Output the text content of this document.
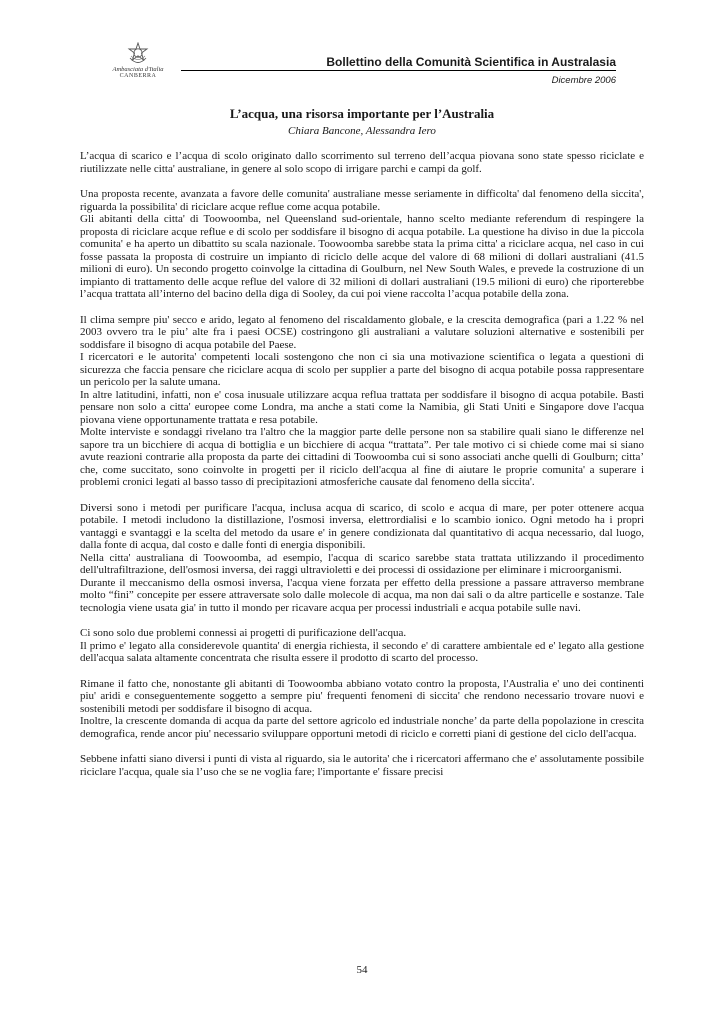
Ambasciata d'Italia
CANBERRA
Bollettino della Comunità Scientifica in Australasia
Dicembre 2006
L’acqua, una risorsa importante per l’Australia
Chiara Bancone, Alessandra Iero

L’acqua di scarico e l’acqua di scolo originato dallo scorrimento sul terreno dell’acqua piovana sono state spesso riciclate e riutilizzate nelle citta' australiane, in genere al solo scopo di irrigare parchi e campi da golf.

Una proposta recente, avanzata a favore delle comunita' australiane messe seriamente in difficolta' dal fenomeno della siccita', riguarda la possibilita' di riciclare acque reflue come acqua potabile.

Gli abitanti della citta' di Toowoomba, nel Queensland sud-orientale, hanno scelto mediante referendum di respingere la proposta di riciclare acque reflue e di scolo per soddisfare il bisogno di acqua potabile. La questione ha diviso in due la piccola comunita' e ha aperto un dibattito su scala nazionale. Toowoomba sarebbe stata la prima citta' a riciclare acqua, nel caso in cui fosse passata la proposta di costruire un impianto di riciclo delle acque del valore di 68 milioni di dollari australiani (41.5 milioni di euro). Un secondo progetto coinvolge la cittadina di Goulburn, nel New South Wales, e prevede la costruzione di un impianto di trattamento delle acque reflue del valore di 32 milioni di dollari australiani (19.5 milioni di euro) che riporterebbe l’acqua trattata all’interno del bacino della diga di Sooley, da cui poi viene raccolta l’acqua potabile della zona.

Il clima sempre piu' secco e arido, legato al fenomeno del riscaldamento globale, e la crescita demografica (pari a 1.22 % nel 2003 ovvero tra le piu’ alte fra i paesi OCSE) costringono gli australiani a valutare soluzioni alternative e sostenibili per soddisfare il bisogno di acqua potabile del Paese.

I ricercatori e le autorita' competenti locali sostengono che non ci sia una motivazione scientifica o legata a questioni di sicurezza che faccia pensare che riciclare acqua di scolo per supplier a parte del bisogno di acqua potabile possa rappresentare un pericolo per la salute umana.

In altre latitudini, infatti, non e' cosa inusuale utilizzare acqua reflua trattata per soddisfare il bisogno di acqua potabile. Basti pensare non solo a citta' europee come Londra, ma anche a stati come la Namibia, gli Stati Uniti e Singapore dove l'acqua piovana viene opportunamente trattata e resa potabile.

Molte interviste e sondaggi rivelano tra l'altro che la maggior parte delle persone non sa stabilire quali siano le differenze nel sapore tra un bicchiere di acqua di bottiglia e un bicchiere di acqua “trattata”. Per tale motivo ci si chiede come mai si siano avute reazioni contrarie alla proposta da parte dei cittadini di Toowoomba cui si sono associati anche quelli di Goulburn; citta’ che, come succitato, sono coinvolte in progetti per il riciclo dell'acqua al fine di aiutare le proprie comunita' a superare i problemi cronici legati al basso tasso di precipitazioni atmosferiche causate dal fenomeno della siccita'.

Diversi sono i metodi per purificare l'acqua, inclusa acqua di scarico, di scolo e acqua di mare, per poter ottenere acqua potabile. I metodi includono la distillazione, l'osmosi inversa, elettrordialisi e lo scambio ionico. Ogni metodo ha i propri vantaggi e svantaggi e la scelta del metodo da usare e' in genere condizionata dal quantitativo di acqua necessario, dal luogo, dalla fonte di acqua, dal costo e dalle fonti di energia disponibili.

Nella citta' australiana di Toowoomba, ad esempio, l'acqua di scarico sarebbe stata trattata utilizzando il procedimento dell'ultrafiltrazione, dell'osmosi inversa, dei raggi ultravioletti e dei processi di ossidazione per eliminare i microorganismi.

Durante il meccanismo della osmosi inversa, l'acqua viene forzata per effetto della pressione a passare attraverso membrane molto “fini” concepite per essere attraversate solo dalle molecole di acqua, ma non dai sali o da altre particelle e sostanze. Tale tecnologia viene usata gia' in tutto il mondo per ricavare acqua per processi industriali e acqua potabile sulle navi.

Ci sono solo due problemi connessi ai progetti di purificazione dell'acqua.

Il primo e' legato alla considerevole quantita' di energia richiesta, il secondo e' di carattere ambientale ed e' legato alla gestione dell'acqua salata altamente concentrata che risulta essere il prodotto di scarto del processo.

Rimane il fatto che, nonostante gli abitanti di Toowoomba abbiano votato contro la proposta, l'Australia e' uno dei continenti piu' aridi e conseguentemente soggetto a sempre piu' frequenti fenomeni di siccita' che rendono necessario trovare nuovi e sostenibili metodi per soddisfare il bisogno di acqua.

Inoltre, la crescente domanda di acqua da parte del settore agricolo ed industriale nonche’ da parte della popolazione in crescita demografica, rende ancor piu' necessario sviluppare opportuni metodi di riciclo e corretti piani di gestione del ciclo dell'acqua.

Sebbene infatti siano diversi i punti di vista al riguardo, sia le autorita' che i ricercatori affermano che e' assolutamente possibile riciclare l'acqua, quale sia l’uso che se ne voglia fare; l'importante e' fissare precisi

54
